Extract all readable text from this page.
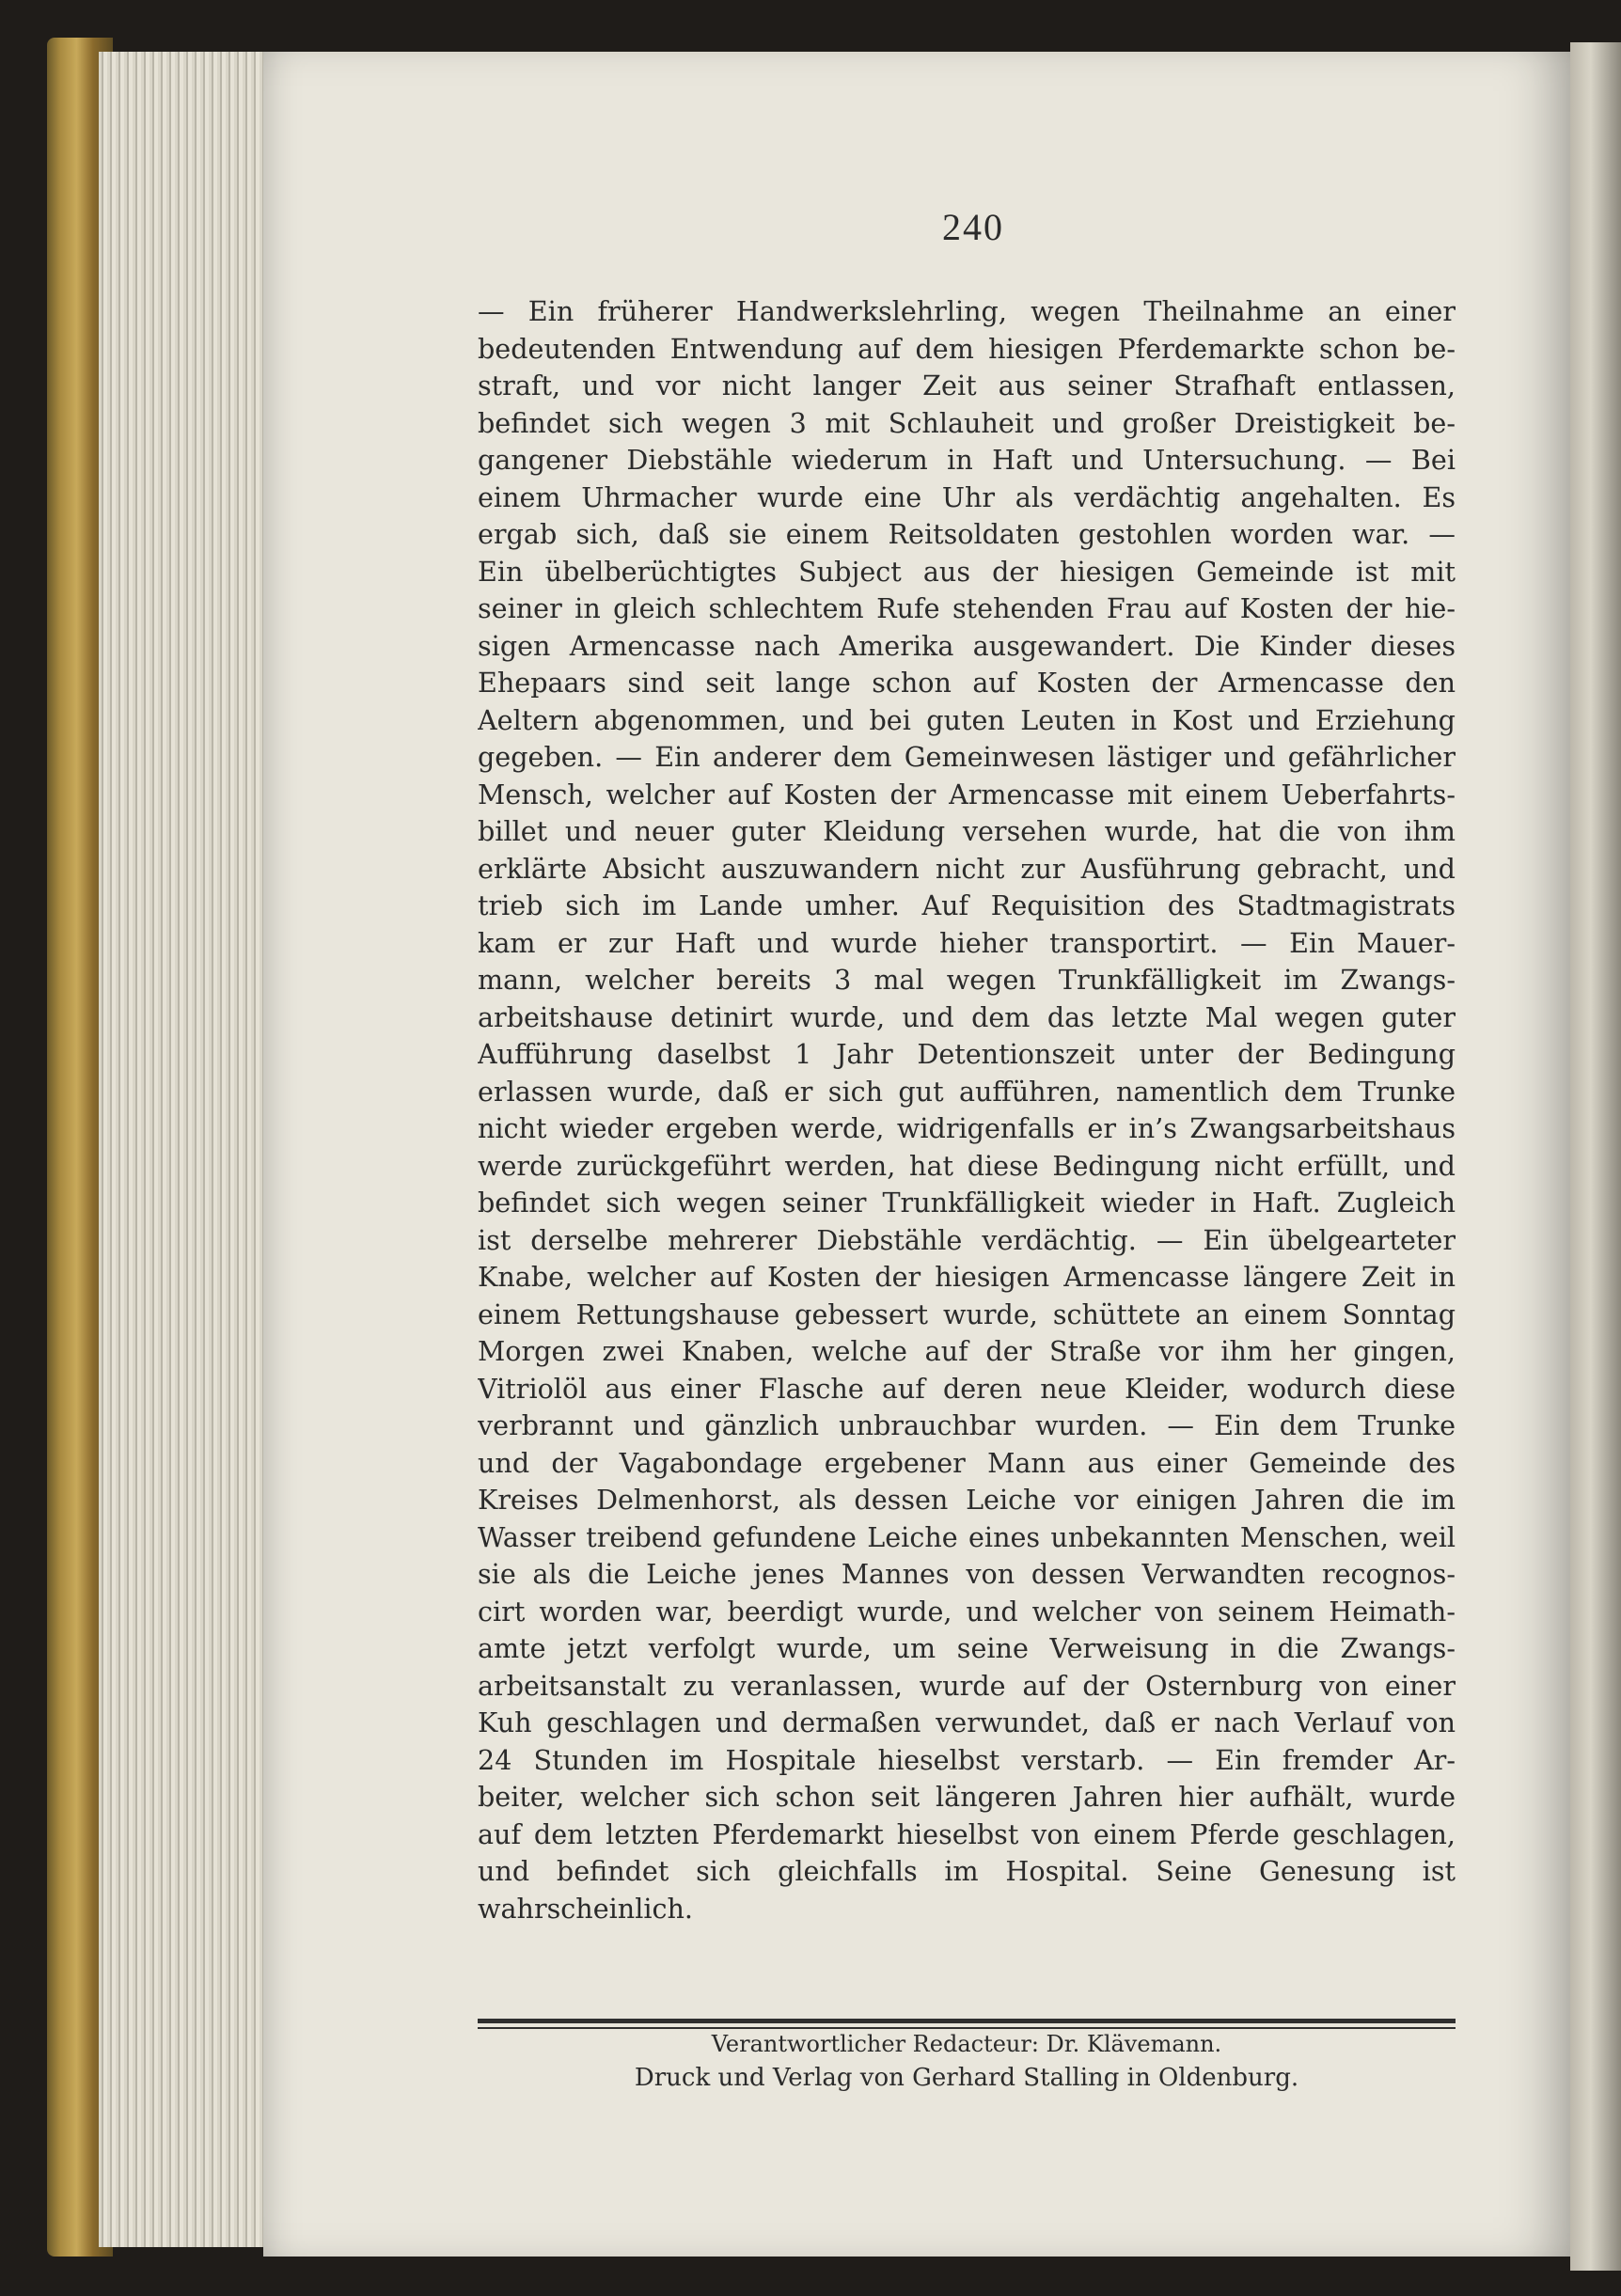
240
— Ein früherer Handwerkslehrling, wegen Theilnahme an einer
bedeutenden Entwendung auf dem hiesigen Pferdemarkte schon be-
straft, und vor nicht langer Zeit aus seiner Strafhaft entlassen,
befindet sich wegen 3 mit Schlauheit und großer Dreistigkeit be-
gangener Diebstähle wiederum in Haft und Untersuchung. — Bei
einem Uhrmacher wurde eine Uhr als verdächtig angehalten. Es
ergab sich, daß sie einem Reitsoldaten gestohlen worden war. —
Ein übelberüchtigtes Subject aus der hiesigen Gemeinde ist mit
seiner in gleich schlechtem Rufe stehenden Frau auf Kosten der hie-
sigen Armencasse nach Amerika ausgewandert. Die Kinder dieses
Ehepaars sind seit lange schon auf Kosten der Armencasse den
Aeltern abgenommen, und bei guten Leuten in Kost und Erziehung
gegeben. — Ein anderer dem Gemeinwesen lästiger und gefährlicher
Mensch, welcher auf Kosten der Armencasse mit einem Ueberfahrts-
billet und neuer guter Kleidung versehen wurde, hat die von ihm
erklärte Absicht auszuwandern nicht zur Ausführung gebracht, und
trieb sich im Lande umher. Auf Requisition des Stadtmagistrats
kam er zur Haft und wurde hieher transportirt. — Ein Mauer-
mann, welcher bereits 3 mal wegen Trunkfälligkeit im Zwangs-
arbeitshause detinirt wurde, und dem das letzte Mal wegen guter
Aufführung daselbst 1 Jahr Detentionszeit unter der Bedingung
erlassen wurde, daß er sich gut aufführen, namentlich dem Trunke
nicht wieder ergeben werde, widrigenfalls er in’s Zwangsarbeitshaus
werde zurückgeführt werden, hat diese Bedingung nicht erfüllt, und
befindet sich wegen seiner Trunkfälligkeit wieder in Haft. Zugleich
ist derselbe mehrerer Diebstähle verdächtig. — Ein übelgearteter
Knabe, welcher auf Kosten der hiesigen Armencasse längere Zeit in
einem Rettungshause gebessert wurde, schüttete an einem Sonntag
Morgen zwei Knaben, welche auf der Straße vor ihm her gingen,
Vitriolöl aus einer Flasche auf deren neue Kleider, wodurch diese
verbrannt und gänzlich unbrauchbar wurden. — Ein dem Trunke
und der Vagabondage ergebener Mann aus einer Gemeinde des
Kreises Delmenhorst, als dessen Leiche vor einigen Jahren die im
Wasser treibend gefundene Leiche eines unbekannten Menschen, weil
sie als die Leiche jenes Mannes von dessen Verwandten recognos-
cirt worden war, beerdigt wurde, und welcher von seinem Heimath-
amte jetzt verfolgt wurde, um seine Verweisung in die Zwangs-
arbeitsanstalt zu veranlassen, wurde auf der Osternburg von einer
Kuh geschlagen und dermaßen verwundet, daß er nach Verlauf von
24 Stunden im Hospitale hieselbst verstarb. — Ein fremder Ar-
beiter, welcher sich schon seit längeren Jahren hier aufhält, wurde
auf dem letzten Pferdemarkt hieselbst von einem Pferde geschlagen,
und befindet sich gleichfalls im Hospital. Seine Genesung ist
wahrscheinlich.
Verantwortlicher Redacteur: Dr. Klävemann.
Druck und Verlag von Gerhard Stalling in Oldenburg.
